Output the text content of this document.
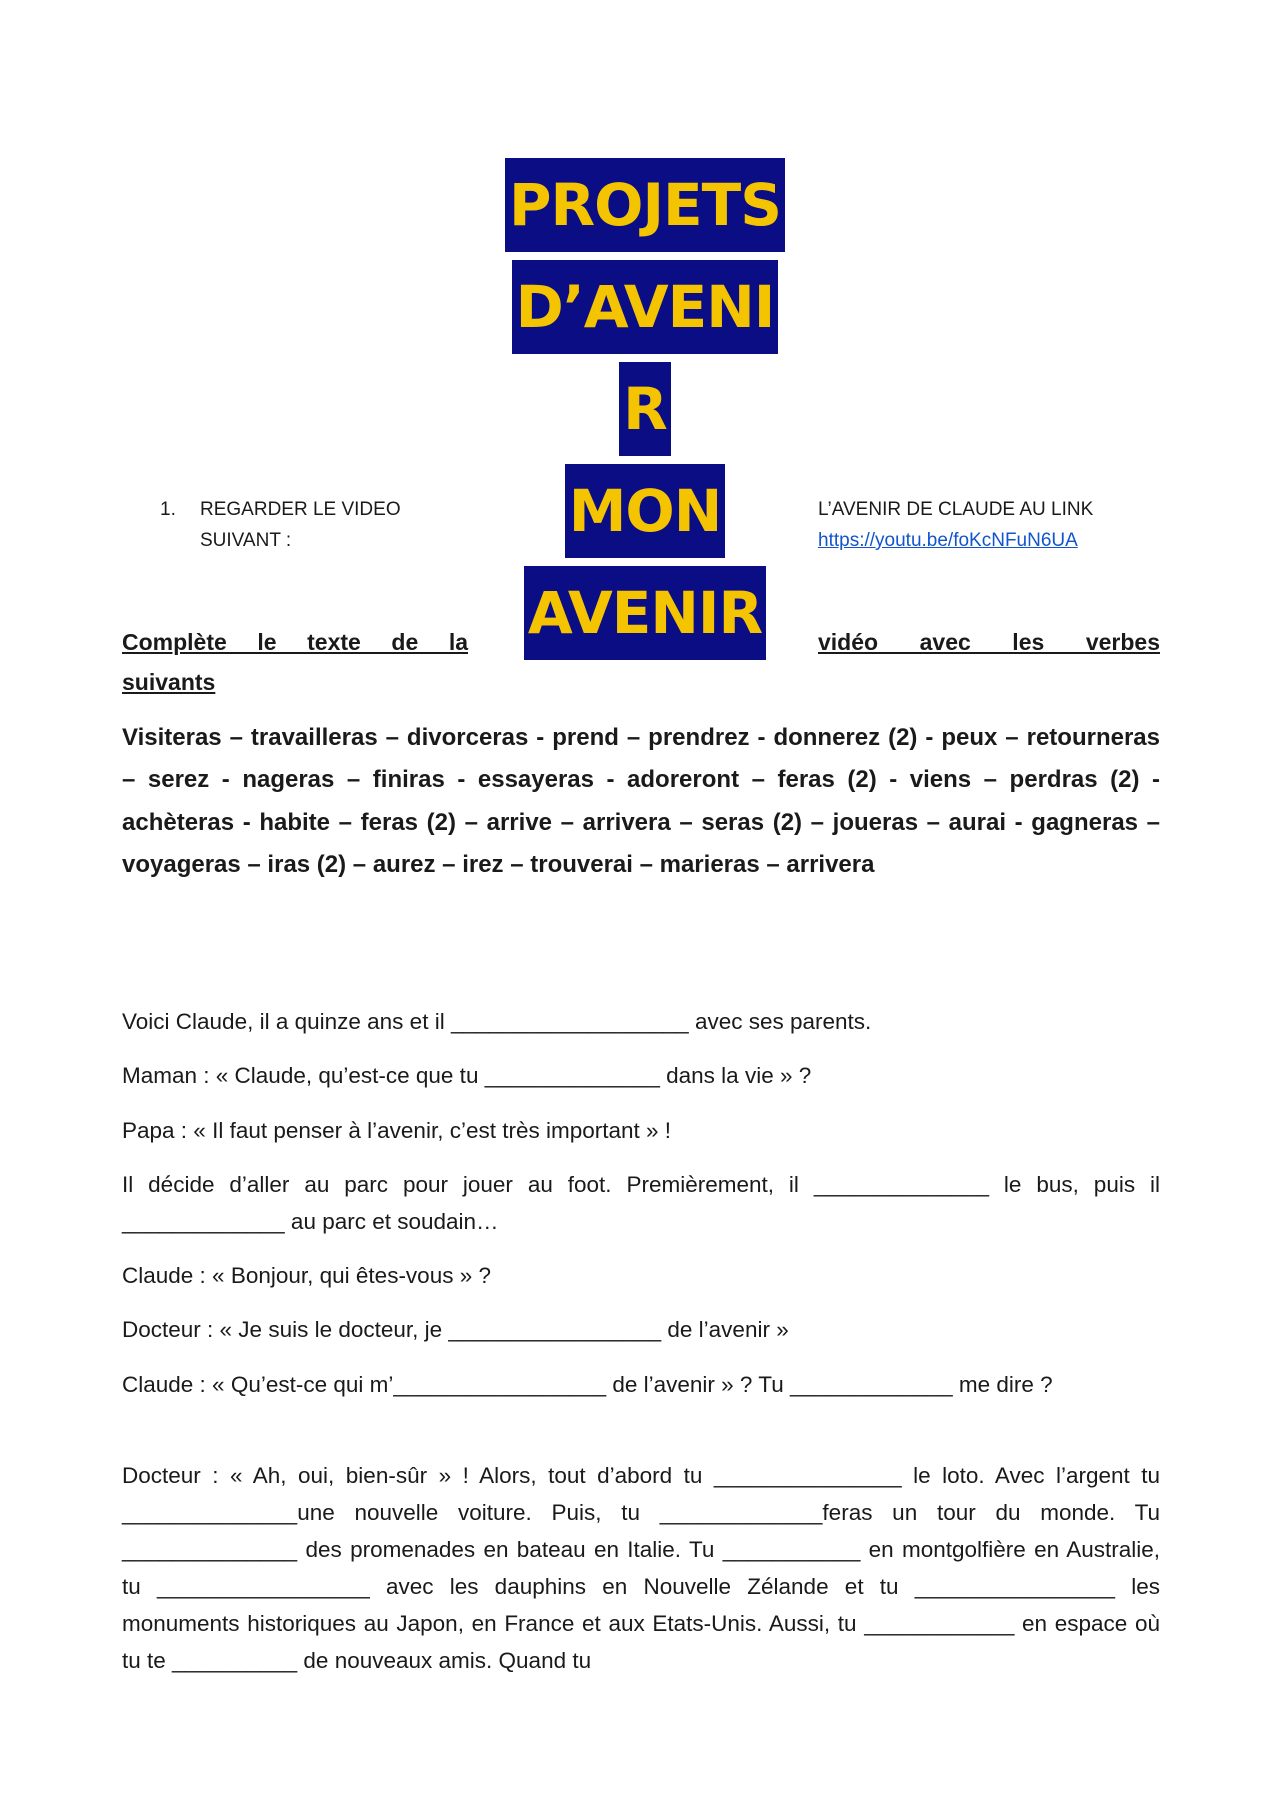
PROJETS
D’AVENI
R
MON
AVENIR
1.	REGARDER LE VIDEO
SUIVANT :
L’AVENIR DE CLAUDE AU LINK
https://youtu.be/foKcNFuN6UA
Complète le texte de la	vidéo avec les verbes
suivants
Visiteras – travailleras – divorceras - prend – prendrez - donnerez (2) - peux – retourneras – serez - nageras – finiras - essayeras - adoreront – feras (2) - viens – perdras (2) - achèteras - habite – feras (2) – arrive – arrivera – seras (2) – joueras – aurai - gagneras – voyageras – iras (2) – aurez – irez – trouverai – marieras – arrivera

Voici Claude, il a quinze ans et il ___________________ avec ses parents.

Maman : « Claude, qu’est-ce que tu ______________ dans la vie » ?

Papa : « Il faut penser à l’avenir, c’est très important » !

Il décide d’aller au parc pour jouer au foot. Premièrement, il ______________ le bus, puis il _____________ au parc et soudain…

Claude : « Bonjour, qui êtes-vous » ?

Docteur : « Je suis le docteur, je _________________ de l’avenir »

Claude : « Qu’est-ce qui m’_________________ de l’avenir » ? Tu _____________ me dire ?

Docteur : « Ah, oui, bien-sûr » ! Alors, tout d’abord tu _______________ le loto. Avec l’argent tu ______________une nouvelle voiture. Puis, tu _____________feras un tour du monde. Tu ______________ des promenades en bateau en Italie. Tu ___________ en montgolfière en Australie, tu _________________ avec les dauphins en Nouvelle Zélande et tu ________________ les monuments historiques au Japon, en France et aux Etats-Unis. Aussi, tu ____________ en espace où tu te __________ de nouveaux amis. Quand tu
